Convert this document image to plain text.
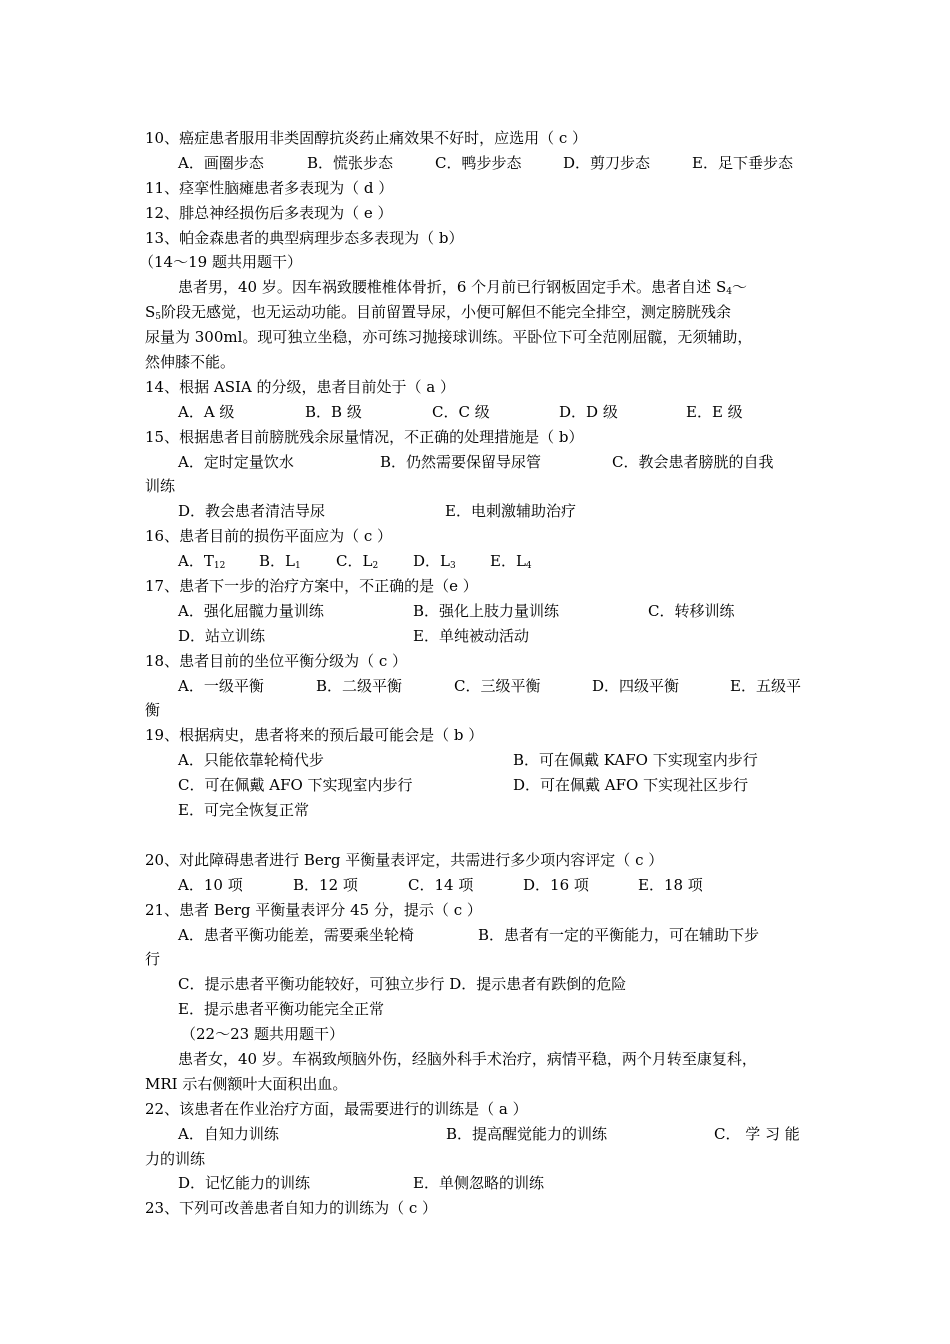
10、癌症患者服用非类固醇抗炎药止痛效果不好时，应选用（ c ）
A．画圈步态	B．慌张步态	C．鸭步步态	D．剪刀步态	E．足下垂步态
11、痉挛性脑瘫患者多表现为（ d ）
12、腓总神经损伤后多表现为（ e ）
13、帕金森患者的典型病理步态多表现为（ b）
（14～19 题共用题干）
患者男，40 岁。因车祸致腰椎椎体骨折，6 个月前已行钢板固定手术。患者自述 $S_4\sim$
$S_5$阶段无感觉，也无运动功能。目前留置导尿，小便可解但不能完全排空，测定膀胱残余
尿量为 300ml。现可独立坐稳，亦可练习抛接球训练。平卧位下可全范刚屈髋，无须辅助，
然伸膝不能。
14、根据 ASIA 的分级，患者目前处于（ a ）
A．A 级	B．B 级	C．C 级	D．D 级	E．E 级
15、根据患者目前膀胱残余尿量情况，不正确的处理措施是（ b）
A．定时定量饮水	B．仍然需要保留导尿管	C．教会患者膀胱的自我
训练
D．教会患者清洁导尿	E．电刺激辅助治疗
16、患者目前的损伤平面应为（ c ）
A．$T_{12}$ B．$L_1$ C．$L_2$ D．$L_3$ E．$L_4$
17、患者下一步的治疗方案中，不正确的是（e ）
A．强化屈髋力量训练	B．强化上肢力量训练	C．转移训练
D．站立训练	E．单纯被动活动
18、患者目前的坐位平衡分级为（ c ）
A．一级平衡	B．二级平衡	C．三级平衡	D．四级平衡	E．五级平
衡
19、根据病史，患者将来的预后最可能会是（ b ）
A．只能依靠轮椅代步	B．可在佩戴 KAFO 下实现室内步行
C．可在佩戴 AFO 下实现室内步行	D．可在佩戴 AFO 下实现社区步行
E．可完全恢复正常
20、对此障碍患者进行 Berg 平衡量表评定，共需进行多少项内容评定（ c ）
A．10 项	B．12 项	C．14 项	D．16 项	E．18 项
21、患者 Berg 平衡量表评分 45 分，提示（ c ）
A．患者平衡功能差，需要乘坐轮椅	B．患者有一定的平衡能力，可在辅助下步
行
C．提示患者平衡功能较好，可独立步行 D．提示患者有跌倒的危险
E．提示患者平衡功能完全正常
（22～23 题共用题干）
患者女，40 岁。车祸致颅脑外伤，经脑外科手术治疗，病情平稳，两个月转至康复科，
MRI 示右侧额叶大面积出血。
22、该患者在作业治疗方面，最需要进行的训练是（ a ）
A．自知力训练	B．提高醒觉能力的训练	C． 学 习 能
力的训练
D．记忆能力的训练	E．单侧忽略的训练
23、下列可改善患者自知力的训练为（ c ）
